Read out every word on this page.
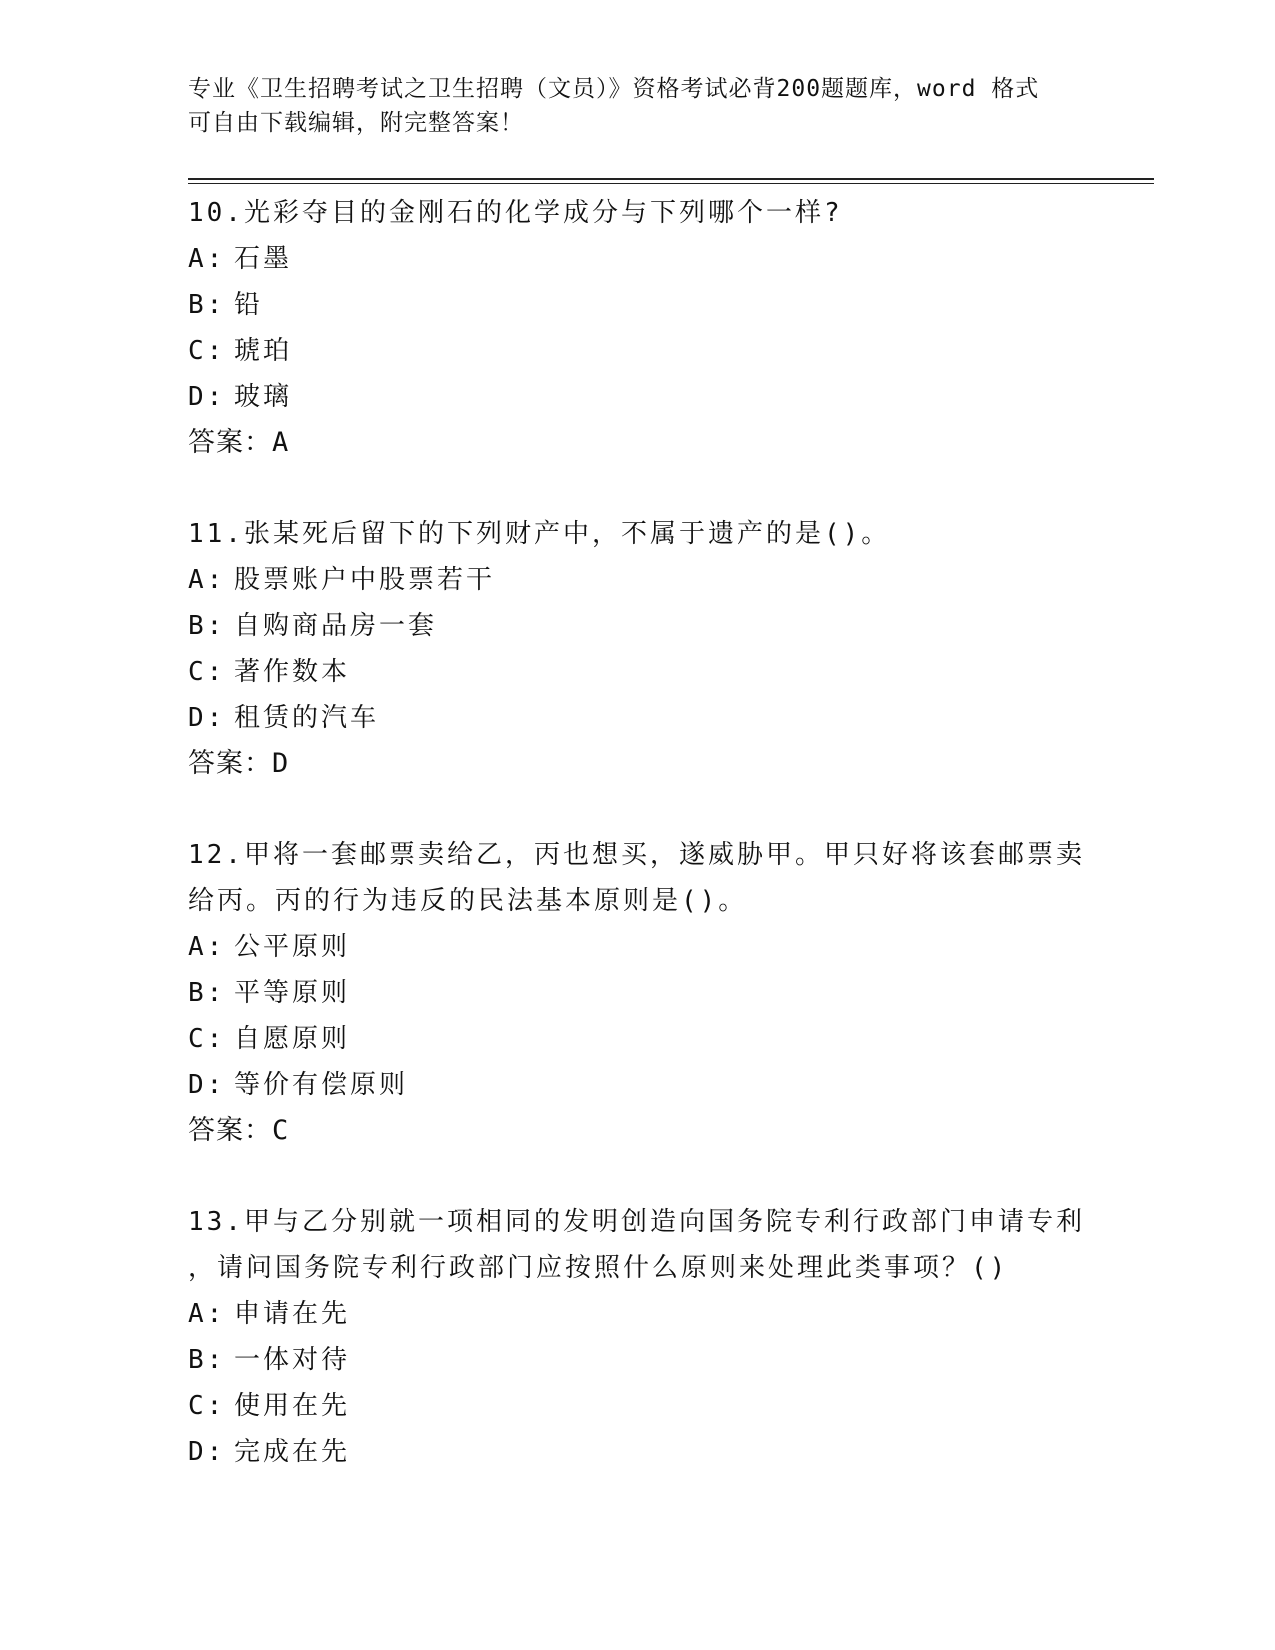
专业《卫生招聘考试之卫生招聘（文员）》资格考试必背200题题库，word 格式
可自由下载编辑，附完整答案！
10.光彩夺目的金刚石的化学成分与下列哪个一样?
A: 石墨
B: 铅
C: 琥珀
D: 玻璃
答案：A
11.张某死后留下的下列财产中，不属于遗产的是()。
A: 股票账户中股票若干
B: 自购商品房一套
C: 著作数本
D: 租赁的汽车
答案：D
12.甲将一套邮票卖给乙，丙也想买，遂威胁甲。甲只好将该套邮票卖
给丙。丙的行为违反的民法基本原则是()。
A: 公平原则
B: 平等原则
C: 自愿原则
D: 等价有偿原则
答案：C
13.甲与乙分别就一项相同的发明创造向国务院专利行政部门申请专利
，请问国务院专利行政部门应按照什么原则来处理此类事项？()
A: 申请在先
B: 一体对待
C: 使用在先
D: 完成在先
